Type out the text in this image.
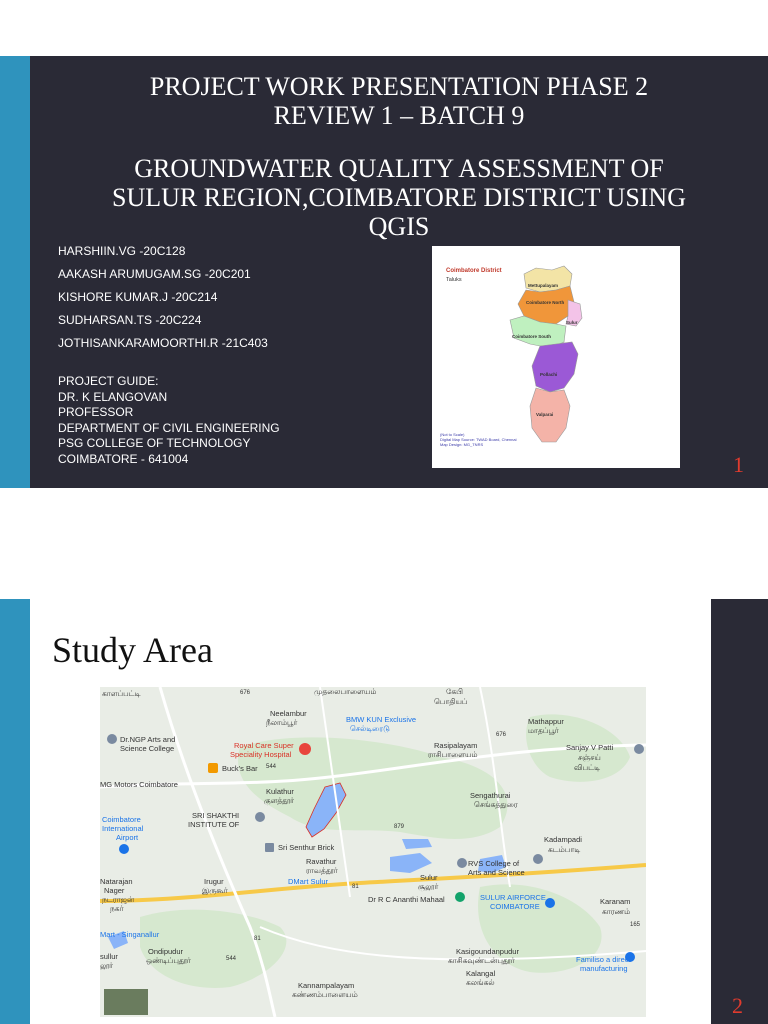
PROJECT WORK PRESENTATION PHASE 2
REVIEW 1 – BATCH 9
GROUNDWATER QUALITY ASSESSMENT OF
SULUR REGION,COIMBATORE DISTRICT USING
QGIS
HARSHIIN.VG -20C128
AAKASH ARUMUGAM.SG -20C201
KISHORE KUMAR.J -20C214
SUDHARSAN.TS -20C224
JOTHISANKARAMOORTHI.R -21C403
PROJECT GUIDE:
DR. K ELANGOVAN
PROFESSOR
DEPARTMENT OF CIVIL ENGINEERING
PSG COLLEGE OF TECHNOLOGY
COIMBATORE - 641004
Coimbatore District
Taluks
Mettupalayam
Coimbatore North
Sulur
Coimbatore South
Pollachi
Valparai
(Not to Scale)
Digital Map Source: TWAD Board, Chennai
Map Design: MG_TNRS
1
Study Area
முதலைபாளையம்
காளப்பட்டி	கேபி
பொதியப்
Neelambur
நீலாம்பூர்	BMW KUN Exclusive
செல்டிரைடு
Mathappur
மாதப்பூர்
Dr.NGP Arts and
Science College	Royal Care Super
Speciality Hospital
Rasipalayam
ராசிபாளையம்
Sanjay V Patti
சஞ்சய்
விபட்டி
Buck's Bar
MG Motors Coimbatore
Kulathur
குளத்தூர்
Sengathurai
செங்கத்துரை
SRI SHAKTHI
INSTITUTE OF
Coimbatore
International
Airport
Sri Senthur Brick
Kadampadi
கடம்பாடி
Ravathur
ராவத்தூர்
RVS College of
Arts and Science
Natarajan
Nager
நடராஜன்
நகர்
Irugur
இருகூர்
DMart Sulur	Sulur
சூலூர்
SULUR AIRFORCE
COIMBATORE
Karanam
காரணம்
Dr R C Ananthi Mahaal
Mart - Singanallur
Ondipudur
ஒண்டிப்புதூர்
sullur
லூர்
Kasigoundanpudur
காசிகவுண்டன்புதூர்
Kalangal
கலங்கல்
Familiso a direct
manufacturing
Kannampalayam
கண்ணம்பாளையம்
676
676
544
879
81
81
544
165
2
